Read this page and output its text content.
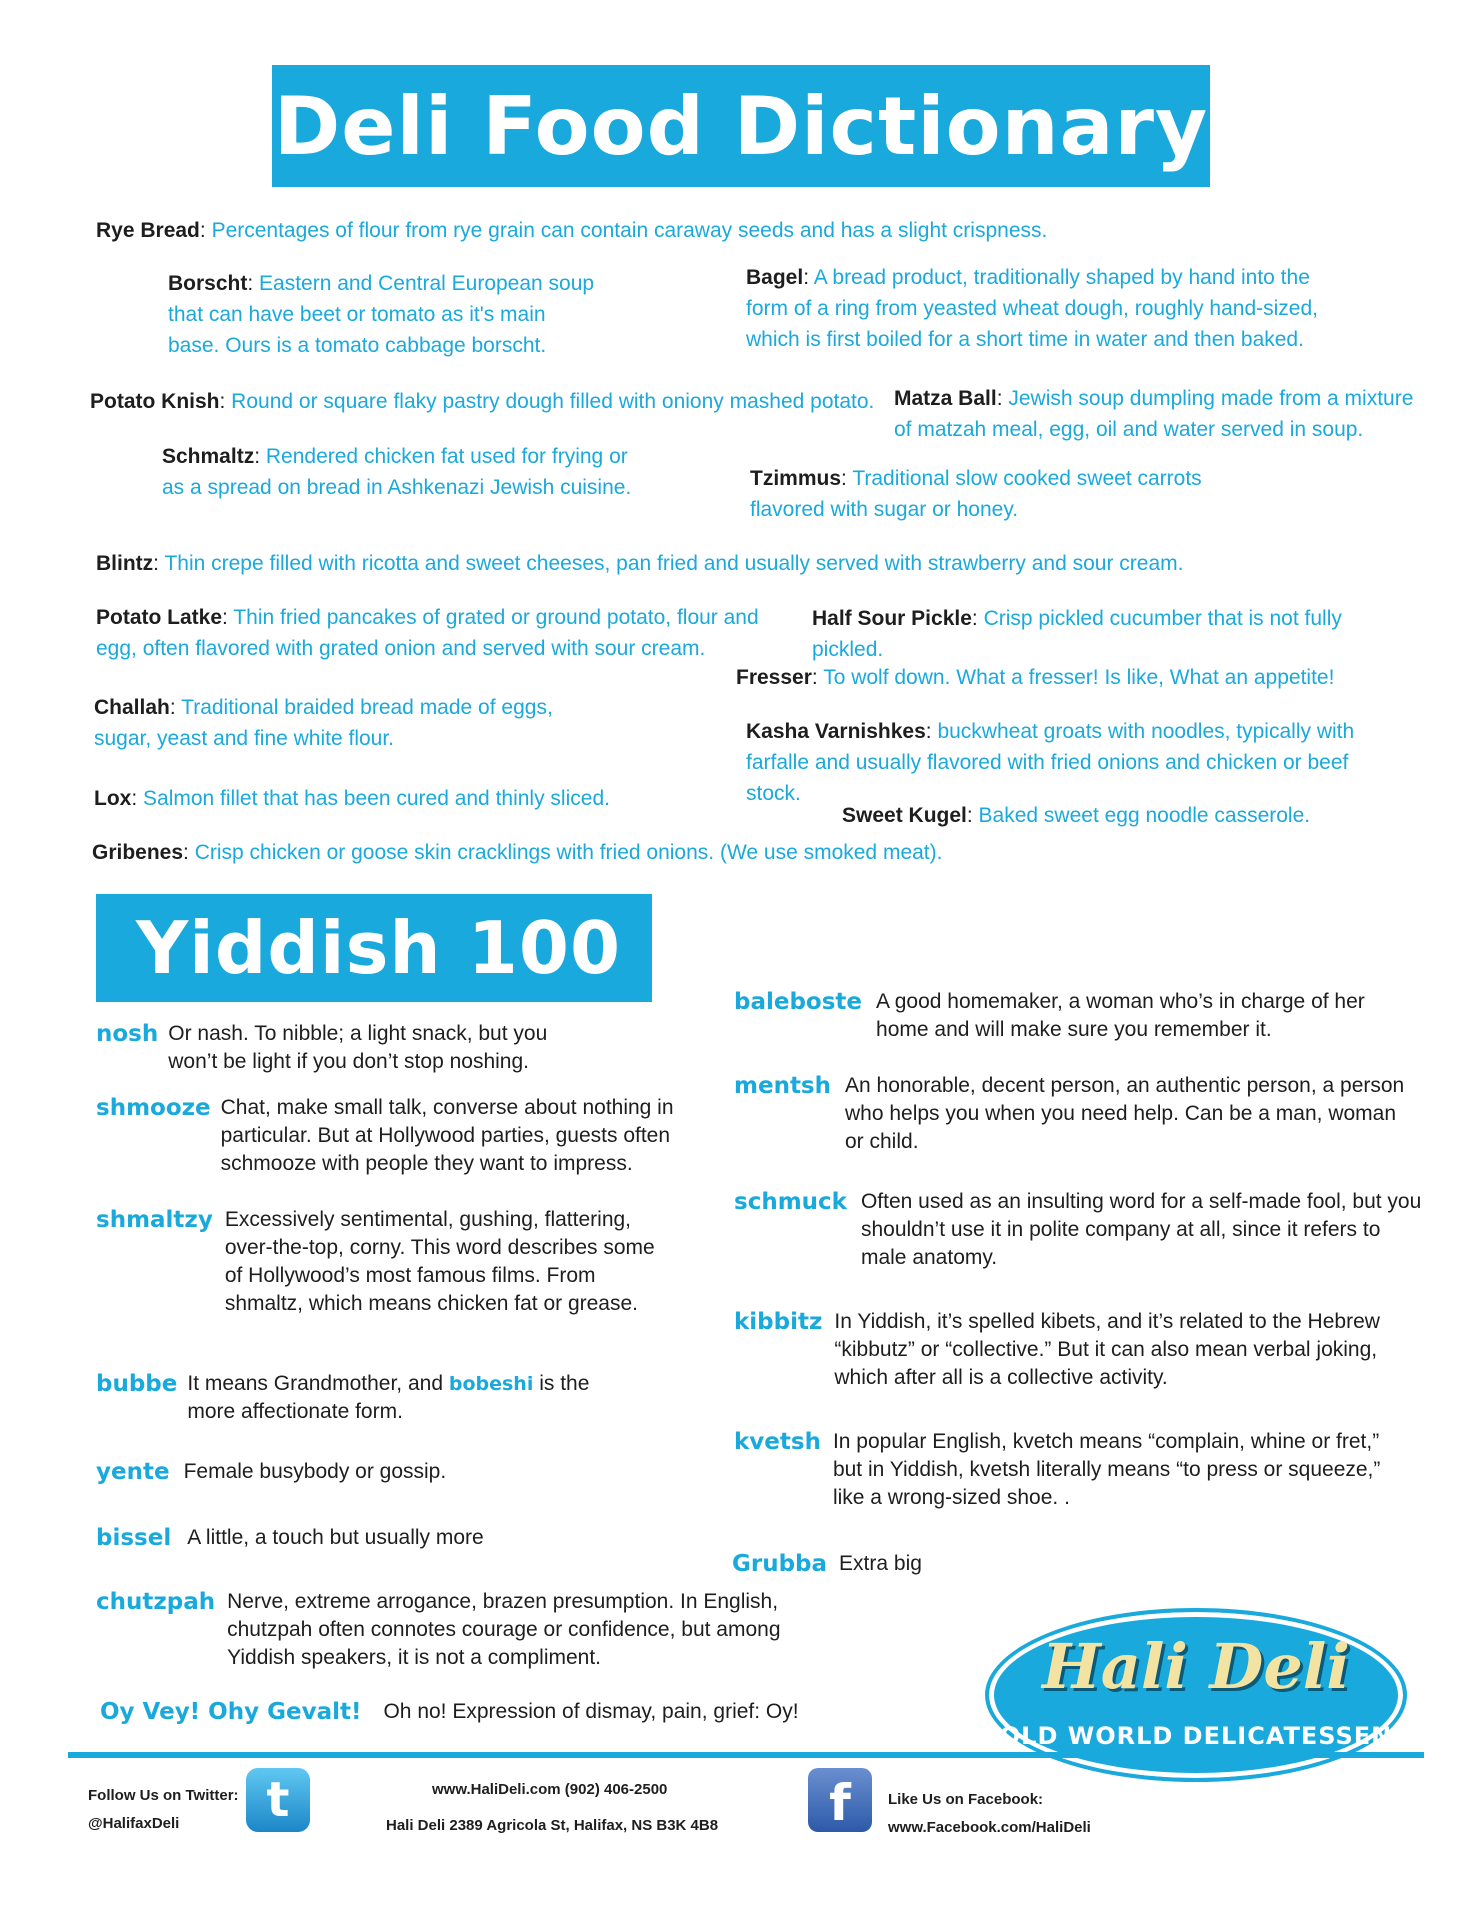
Deli Food Dictionary
Rye Bread: Percentages of flour from rye grain can contain caraway seeds and has a slight crispness.
Borscht: Eastern and Central European soup that can have beet or tomato as it's main base. Ours is a tomato cabbage borscht.
Bagel: A bread product, traditionally shaped by hand into the form of a ring from yeasted wheat dough, roughly hand-sized, which is first boiled for a short time in water and then baked.
Potato Knish: Round or square flaky pastry dough filled with oniony mashed potato. Matza Ball: Jewish soup dumpling made from a mixture of matzah meal, egg, oil and water served in soup.
Schmaltz: Rendered chicken fat used for frying or as a spread on bread in Ashkenazi Jewish cuisine.	Tzimmus: Traditional slow cooked sweet carrots flavored with sugar or honey.
Blintz: Thin crepe filled with ricotta and sweet cheeses, pan fried and usually served with strawberry and sour cream.
Potato Latke: Thin fried pancakes of grated or ground potato, flour and egg, often flavored with grated onion and served with sour cream.
Half Sour Pickle: Crisp pickled cucumber that is not fully pickled.
Fresser: To wolf down. What a fresser! Is like, What an appetite!
Challah: Traditional braided bread made of eggs, sugar, yeast and fine white flour.	Kasha Varnishkes: buckwheat groats with noodles, typically with farfalle and usually flavored with fried onions and chicken or beef stock.
Lox: Salmon fillet that has been cured and thinly sliced.
Sweet Kugel: Baked sweet egg noodle casserole.
Gribenes: Crisp chicken or goose skin cracklings with fried onions. (We use smoked meat).
Yiddish 100
nosh Or nash. To nibble; a light snack, but you won’t be light if you don’t stop noshing.
shmooze Chat, make small talk, converse about nothing in particular. But at Hollywood parties, guests often schmooze with people they want to impress.
shmaltzy Excessively sentimental, gushing, flattering, over-the-top, corny. This word describes some of Hollywood’s most famous films. From shmaltz, which means chicken fat or grease.
bubbe It means Grandmother, and bobeshi is the more affectionate form.
yente Female busybody or gossip.
bissel A little, a touch but usually more
chutzpah Nerve, extreme arrogance, brazen presumption. In English, chutzpah often connotes courage or confidence, but among Yiddish speakers, it is not a compliment.
Oy Vey! Ohy Gevalt! Oh no! Expression of dismay, pain, grief: Oy!
baleboste A good homemaker, a woman who’s in charge of her home and will make sure you remember it.
mentsh An honorable, decent person, an authentic person, a person who helps you when you need help. Can be a man, woman or child.
schmuck Often used as an insulting word for a self-made fool, but you shouldn’t use it in polite company at all, since it refers to male anatomy.
kibbitz In Yiddish, it’s spelled kibets, and it’s related to the Hebrew “kibbutz” or “collective.” But it can also mean verbal joking, which after all is a collective activity.
kvetsh In popular English, kvetch means “complain, whine or fret,” but in Yiddish, kvetsh literally means “to press or squeeze,” like a wrong-sized shoe. .
Grubba Extra big
Hali Deli
OLD WORLD DELICATESSEN
Follow Us on Twitter:
@HalifaxDeli	t	www.HaliDeli.com (902) 406-2500
Hali Deli 2389 Agricola St, Halifax, NS B3K 4B8	f	Like Us on Facebook:
www.Facebook.com/HaliDeli
